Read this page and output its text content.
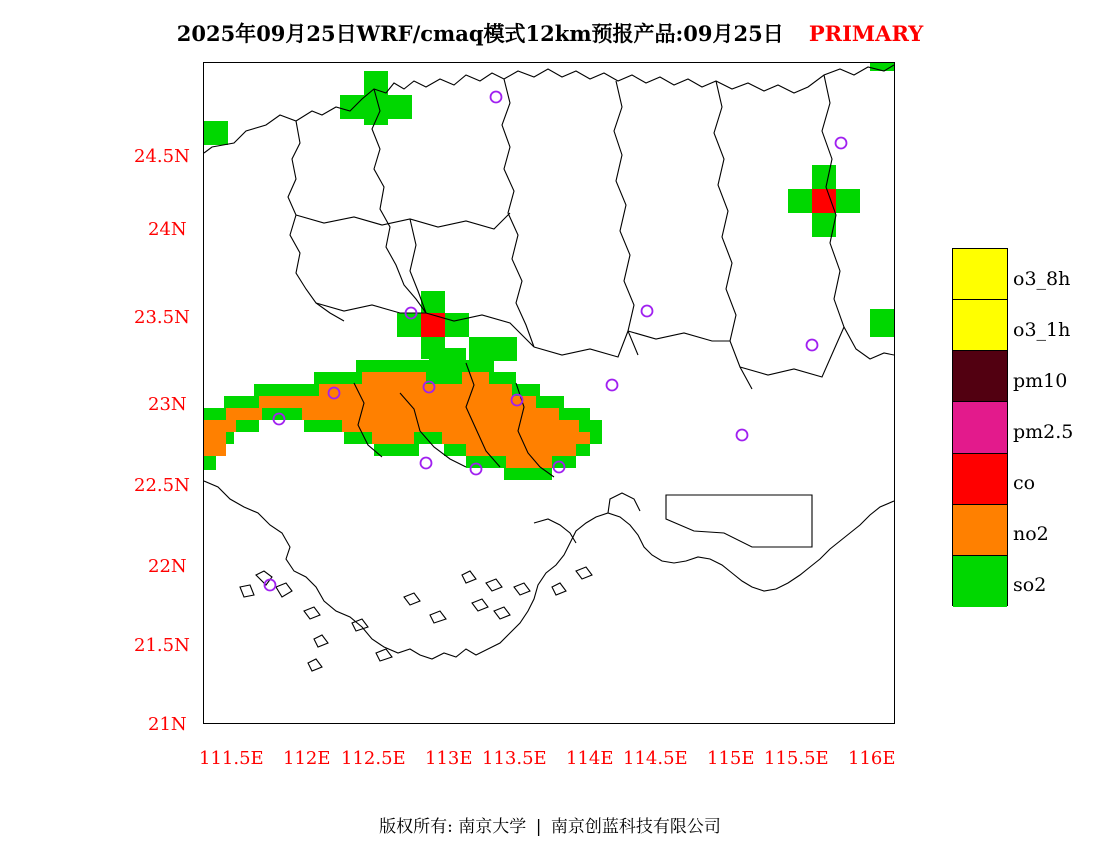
2025年09月25日WRF/cmaq模式12km预报产品:09月25日 PRIMARY
24.5N
24N
23.5N
23N
22.5N
22N
21.5N
21N
111.5E 112E 112.5E 113E 113.5E 114E 114.5E 115E 115.5E 116E
o3_8h
o3_1h
pm10
pm2.5
co
no2
so2
版权所有: 南京大学 | 南京创蓝科技有限公司
